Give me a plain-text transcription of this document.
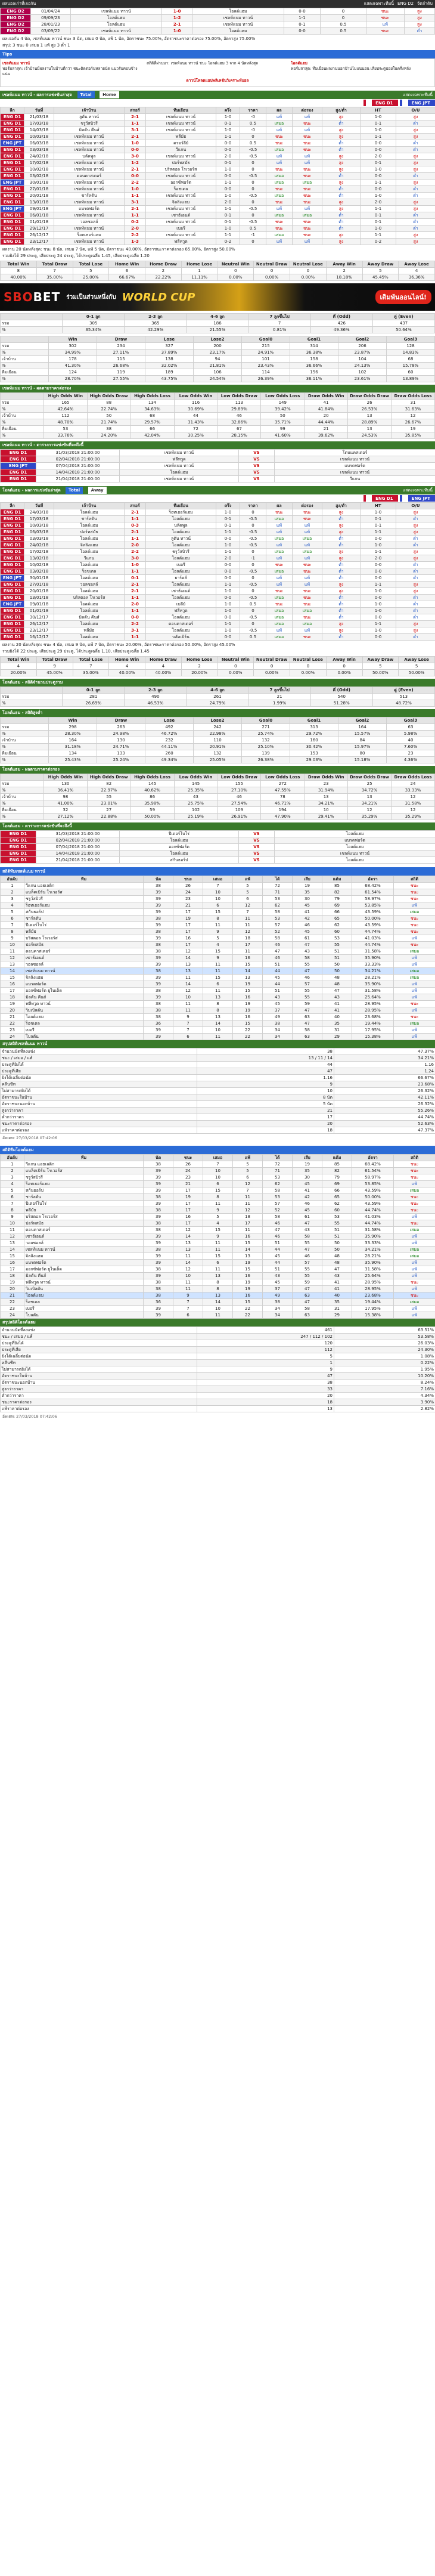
ผลบอลเก่าที่เจอกัน	แสดงเฉพาะทีมนี้ ENG D2 จัดลำดับ
ENG D2	01/04/24	เชลท์แนม ทาวน์	1-0	โอลด์แฮม	0-0	0	ชนะ	สูง
ENG D2	09/09/23	โอลด์แฮม	1-2	เชลท์แนม ทาวน์	1-1	0	ชนะ	สูง
ENG D2	28/01/23	โอลด์แฮม	2-1	เชลท์แนม ทาวน์	0-1	0.5	แพ้	สูง
ENG D2	03/09/22	เชลท์แนม ทาวน์	1-0	โอลด์แฮม	0-0	0.5	ชนะ	ต่ำ
ผลเจอกัน 4 นัด, เชลท์แนม ทาวน์ ชนะ 3 นัด, เสมอ 0 นัด, แพ้ 1 นัด, อัตราชนะ 75.00%, อัตราชนะราคาต่อรอง 75.00%, อัตราสูง 75.00%
สรุป: 3 ชนะ 0 เสมอ 1 แพ้ สูง 3 ต่ำ 1
Tips
เชลท์แนม ทาวน์
ฟอร์มล่าสุด: เจ้าบ้านมีผลงานในบ้านดีกว่า ชนะติดต่อกันหลายนัด แนวรับค่อนข้างแน่น
สถิติที่ผ่านมา: เชลท์แนม ทาวน์ ชนะ โอลด์แฮม 3 จาก 4 นัดหลังสุด	โอลด์แฮม
ฟอร์มล่าสุด: ทีมเยือนผลงานนอกบ้านไม่แน่นอน เสียประตูบ่อยในครึ่งหลัง
ดาวน์โหลดแอปพลิเคชันวิเคราะห์บอล
เชลท์แนม ทาวน์ - ผลการแข่งขันล่าสุด Total	Home	แสดงเฉพาะทีมนี้
ENG D1	ENG JPT
ลีก	วันที่	เจ้าบ้าน	สกอร์	ทีมเยือน	ครึ่ง	ราคา	ผล	ต่อรอง	สูง/ต่ำ	HT	O/U
ENG D1	21/03/18	ลูตัน ทาวน์	2-1	เชลท์แนม ทาวน์	1-0	-0	แพ้	แพ้	สูง	1-0	สูง
ENG D1	17/03/18	ชรูว์สบิวรี	1-1	เชลท์แนม ทาวน์	0-1	0.5	เสมอ	ชนะ	ต่ำ	0-1	ต่ำ
ENG D1	14/03/18	มิลตัน คีนส์	3-1	เชลท์แนม ทาวน์	1-0	-0	แพ้	แพ้	สูง	1-0	สูง
ENG D1	10/03/18	เชลท์แนม ทาวน์	2-1	พลีมัธ	1-1	0	ชนะ	ชนะ	สูง	1-1	สูง
ENG JPT	06/03/18	เชลท์แนม ทาวน์	1-0	ครอว์ลีย์	0-0	0.5	ชนะ	ชนะ	ต่ำ	0-0	ต่ำ
ENG D1	03/03/18	เชลท์แนม ทาวน์	0-0	วีแกน	0-0	-0.5	เสมอ	ชนะ	ต่ำ	0-0	ต่ำ
ENG D1	24/02/18	บลัคพูล	3-0	เชลท์แนม ทาวน์	2-0	-0.5	แพ้	แพ้	สูง	2-0	สูง
ENG D1	17/02/18	เชลท์แนม ทาวน์	1-2	ปอร์ทสมัธ	0-1	0	แพ้	แพ้	สูง	0-1	สูง
ENG D1	10/02/18	เชลท์แนม ทาวน์	2-1	บริสตอล โรเวอร์ส	1-0	0	ชนะ	ชนะ	สูง	1-0	สูง
ENG D1	03/02/18	ดอนคาสเตอร์	0-0	เชลท์แนม ทาวน์	0-0	-0.5	เสมอ	ชนะ	ต่ำ	0-0	ต่ำ
ENG JPT	30/01/18	เชลท์แนม ทาวน์	2-2	ออกซ์ฟอร์ด	1-1	0	เสมอ	เสมอ	สูง	1-1	สูง
ENG D1	27/01/18	เชลท์แนม ทาวน์	1-0	ร็อชเดล	0-0	0	ชนะ	ชนะ	ต่ำ	0-0	ต่ำ
ENG D1	20/01/18	ชาร์ลตัน	1-1	เชลท์แนม ทาวน์	1-0	-0.5	เสมอ	ชนะ	ต่ำ	1-0	ต่ำ
ENG D1	13/01/18	เชลท์แนม ทาวน์	3-1	จิลลิงแฮม	2-0	0	ชนะ	ชนะ	สูง	2-0	สูง
ENG JPT	09/01/18	แบรดฟอร์ด	2-1	เชลท์แนม ทาวน์	1-1	-0.5	แพ้	แพ้	สูง	1-1	สูง
ENG D1	06/01/18	เชลท์แนม ทาวน์	1-1	เซาธ์เอนด์	0-1	0	เสมอ	เสมอ	ต่ำ	0-1	ต่ำ
ENG D1	01/01/18	วอลซอลล์	0-2	เชลท์แนม ทาวน์	0-1	-0.5	ชนะ	ชนะ	ต่ำ	0-1	ต่ำ
ENG D1	29/12/17	เชลท์แนม ทาวน์	2-0	เบอรี	1-0	0.5	ชนะ	ชนะ	ต่ำ	1-0	ต่ำ
ENG D1	26/12/17	ร็อทเธอร์แฮม	2-2	เชลท์แนม ทาวน์	1-1	-1	เสมอ	ชนะ	สูง	1-1	สูง
ENG D1	23/12/17	เชลท์แนม ทาวน์	1-3	ฟลีทวูด	0-2	0	แพ้	แพ้	สูง	0-2	สูง
ผลงาน 20 นัดหลังสุด: ชนะ 8 นัด, เสมอ 7 นัด, แพ้ 5 นัด, อัตราชนะ 40.00%, อัตราชนะราคาต่อรอง 65.00%, อัตราสูง 50.00%
รวมยิงได้ 29 ประตู, เสียประตู 24 ประตู, ได้ประตูเฉลี่ย 1.45, เสียประตูเฉลี่ย 1.20
Total Win	Total Draw	Total Lose	Home Win	Home Draw	Home Lose	Neutral Win	Neutral Draw	Neutral Lose	Away Win	Away Draw	Away Lose
8	7	5	6	2	1	0	0	0	2	5	4
40.00%	35.00%	25.00%	66.67%	22.22%	11.11%	0.00%	0.00%	0.00%	18.18%	45.45%	36.36%
SBOBET ร่วมเป็นส่วนหนึ่งกับ WORLD CUP	เดิมพันออนไลน์!
	0-1 ลูก	2-3 ลูก	4-6 ลูก	7 ลูกขึ้นไป	คี่ (Odd)	คู่ (Even)
รวม	305	365	186	7	426	437
%	35.34%	42.29%	21.55%	0.81%	49.36%	50.64%
	Win	Draw	Lose	Lose2	Goal0	Goal1	Goal2	Goal3
รวม	302	234	327	200	215	314	206	128
%	34.99%	27.11%	37.89%	23.17%	24.91%	36.38%	23.87%	14.83%
เจ้าบ้าน	178	115	138	94	101	158	104	68
%	41.30%	26.68%	32.02%	21.81%	23.43%	36.66%	24.13%	15.78%
ทีมเยือน	124	119	189	106	114	156	102	60
%	28.70%	27.55%	43.75%	24.54%	26.39%	36.11%	23.61%	13.89%
เชลท์แนม ทาวน์ - ผลตามราคาต่อรอง
	High Odds Win	High Odds Draw	High Odds Loss	Low Odds Win	Low Odds Draw	Low Odds Loss	Draw Odds Win	Draw Odds Draw	Draw Odds Loss
รวม	165	88	134	116	113	149	41	26	31
%	42.64%	22.74%	34.63%	30.69%	29.89%	39.42%	41.84%	26.53%	31.63%
เจ้าบ้าน	112	50	68	44	46	50	20	13	12
%	48.70%	21.74%	29.57%	31.43%	32.86%	35.71%	44.44%	28.89%	26.67%
ทีมเยือน	53	38	66	72	67	99	21	13	19
%	33.76%	24.20%	42.04%	30.25%	28.15%	41.60%	39.62%	24.53%	35.85%
เชลท์แนม ทาวน์ - ตารางการแข่งขันที่จะถึงนี้
ENG D1	31/03/2018 21:00:00	เชลท์แนม ทาวน์	VS	โดนแคสเตอร์
ENG D1	02/04/2018 21:00:00	ฟลีทวูด	VS	เชลท์แนม ทาวน์
ENG JPT	07/04/2018 21:00:00	เชลท์แนม ทาวน์	VS	แบรดฟอร์ด
ENG D1	14/04/2018 21:00:00	โอลด์แฮม	VS	เชลท์แนม ทาวน์
ENG D1	21/04/2018 21:00:00	เชลท์แนม ทาวน์	VS	วีแกน
โอลด์แฮม - ผลการแข่งขันล่าสุด Total	Away	แสดงเฉพาะทีมนี้
ENG D1	ENG JPT
ลีก	วันที่	เจ้าบ้าน	สกอร์	ทีมเยือน	ครึ่ง	ราคา	ผล	ต่อรอง	สูง/ต่ำ	HT	O/U
ENG D1	24/03/18	โอลด์แฮม	2-1	ร็อทเธอร์แฮม	1-0	0	ชนะ	ชนะ	สูง	1-0	สูง
ENG D1	17/03/18	ชาร์ลตัน	1-1	โอลด์แฮม	0-1	-0.5	เสมอ	ชนะ	ต่ำ	0-1	ต่ำ
ENG D1	10/03/18	โอลด์แฮม	0-3	บลัคพูล	0-1	0	แพ้	แพ้	สูง	0-1	สูง
ENG D1	06/03/18	ปอร์ทสมัธ	2-1	โอลด์แฮม	1-1	-0.5	แพ้	แพ้	สูง	1-1	สูง
ENG D1	03/03/18	โอลด์แฮม	1-1	ลูตัน ทาวน์	0-0	-0.5	เสมอ	เสมอ	ต่ำ	0-0	ต่ำ
ENG D1	24/02/18	จิลลิงแฮม	2-0	โอลด์แฮม	1-0	-0.5	แพ้	แพ้	ต่ำ	1-0	ต่ำ
ENG D1	17/02/18	โอลด์แฮม	2-2	ชรูว์สบิวรี	1-1	0	เสมอ	เสมอ	สูง	1-1	สูง
ENG D1	13/02/18	วีแกน	3-0	โอลด์แฮม	2-0	-1	แพ้	แพ้	สูง	2-0	สูง
ENG D1	10/02/18	โอลด์แฮม	1-0	เบอรี	0-0	0	ชนะ	ชนะ	ต่ำ	0-0	ต่ำ
ENG D1	03/02/18	ร็อชเดล	1-1	โอลด์แฮม	0-0	-0.5	เสมอ	ชนะ	ต่ำ	0-0	ต่ำ
ENG JPT	30/01/18	โอลด์แฮม	0-1	ยาร์ดส์	0-0	0	แพ้	แพ้	ต่ำ	0-0	ต่ำ
ENG D1	27/01/18	วอลซอลล์	2-1	โอลด์แฮม	1-1	-0.5	แพ้	แพ้	สูง	1-1	สูง
ENG D1	20/01/18	โอลด์แฮม	2-1	เซาธ์เอนด์	1-0	0	ชนะ	ชนะ	สูง	1-0	สูง
ENG D1	13/01/18	บริสตอล โรเวอร์ส	1-1	โอลด์แฮม	0-0	-0.5	เสมอ	ชนะ	ต่ำ	0-0	ต่ำ
ENG JPT	09/01/18	โอลด์แฮม	2-0	เบลีย์	1-0	0.5	ชนะ	ชนะ	ต่ำ	1-0	ต่ำ
ENG D1	01/01/18	โอลด์แฮม	1-1	ฟลีทวูด	1-0	0	เสมอ	เสมอ	ต่ำ	1-0	ต่ำ
ENG D1	30/12/17	มิลตัน คีนส์	0-0	โอลด์แฮม	0-0	-0.5	เสมอ	ชนะ	ต่ำ	0-0	ต่ำ
ENG D1	26/12/17	โอลด์แฮม	2-2	ดอนคาสเตอร์	1-1	0	เสมอ	เสมอ	สูง	1-1	สูง
ENG D1	23/12/17	พลีมัธ	3-1	โอลด์แฮม	1-0	-0.5	แพ้	แพ้	สูง	1-0	สูง
ENG D1	16/12/17	โอลด์แฮม	1-1	บลัคเบิร์น	0-0	0.5	เสมอ	ชนะ	ต่ำ	0-0	ต่ำ
ผลงาน 20 นัดหลังสุด: ชนะ 4 นัด, เสมอ 9 นัด, แพ้ 7 นัด, อัตราชนะ 20.00%, อัตราชนะราคาต่อรอง 50.00%, อัตราสูง 45.00%
รวมยิงได้ 22 ประตู, เสียประตู 29 ประตู, ได้ประตูเฉลี่ย 1.10, เสียประตูเฉลี่ย 1.45
Total Win	Total Draw	Total Lose	Home Win	Home Draw	Home Lose	Neutral Win	Neutral Draw	Neutral Lose	Away Win	Away Draw	Away Lose
4	9	7	4	4	2	0	0	0	0	5	5
20.00%	45.00%	35.00%	40.00%	40.00%	20.00%	0.00%	0.00%	0.00%	0.00%	50.00%	50.00%
โอลด์แฮม - สถิติจำนวนประตูรวม
	0-1 ลูก	2-3 ลูก	4-6 ลูก	7 ลูกขึ้นไป	คี่ (Odd)	คู่ (Even)
รวม	281	490	261	21	540	513
%	26.69%	46.53%	24.79%	1.99%	51.28%	48.72%
โอลด์แฮม - สถิติสูงต่ำ
	Win	Draw	Lose	Lose2	Goal0	Goal1	Goal2	Goal3
รวม	298	263	492	242	271	313	164	63
%	28.30%	24.98%	46.72%	22.98%	25.74%	29.72%	15.57%	5.98%
เจ้าบ้าน	164	130	232	110	132	160	84	40
%	31.18%	24.71%	44.11%	20.91%	25.10%	30.42%	15.97%	7.60%
ทีมเยือน	134	133	260	132	139	153	80	23
%	25.43%	25.24%	49.34%	25.05%	26.38%	29.03%	15.18%	4.36%
โอลด์แฮม - ผลตามราคาต่อรอง
	High Odds Win	High Odds Draw	High Odds Loss	Low Odds Win	Low Odds Draw	Low Odds Loss	Draw Odds Win	Draw Odds Draw	Draw Odds Loss
รวม	130	82	145	145	155	272	23	25	24
%	36.41%	22.97%	40.62%	25.35%	27.10%	47.55%	31.94%	34.72%	33.33%
เจ้าบ้าน	98	55	86	43	46	78	13	13	12
%	41.00%	23.01%	35.98%	25.75%	27.54%	46.71%	34.21%	34.21%	31.58%
ทีมเยือน	32	27	59	102	109	194	10	12	12
%	27.12%	22.88%	50.00%	25.19%	26.91%	47.90%	29.41%	35.29%	35.29%
โอลด์แฮม - ตารางการแข่งขันที่จะถึงนี้
ENG D1	31/03/2018 21:00:00	ปีเตอร์โบโร่	VS	โอลด์แฮม
ENG D1	02/04/2018 21:00:00	โอลด์แฮม	VS	แบรดฟอร์ด
ENG D1	07/04/2018 21:00:00	ออกซ์ฟอร์ด	VS	โอลด์แฮม
ENG D1	14/04/2018 21:00:00	โอลด์แฮม	VS	เชลท์แนม ทาวน์
ENG D1	21/04/2018 21:00:00	สกันธอร์ป	VS	โอลด์แฮม
สถิติทีมเชลท์แนม ทาวน์
อันดับ	ทีม	นัด	ชนะ	เสมอ	แพ้	ได้	เสีย	แต้ม	อัตรา	สถิติ
1	วีแกน แอธเลติก	38	26	7	5	72	19	85	68.42%	ชนะ
2	แบล็คเบิร์น โรเวอร์ส	39	24	10	5	71	35	82	61.54%	ชนะ
3	ชรูว์สบิวรี	39	23	10	6	53	30	79	58.97%	ชนะ
4	ร็อทเธอร์แฮม	39	21	6	12	62	45	69	53.85%	แพ้
5	สกันธอร์ป	39	17	15	7	58	41	66	43.59%	เสมอ
6	ชาร์ลตัน	38	19	8	11	53	42	65	50.00%	ชนะ
7	ปีเตอร์โบโร่	39	17	11	11	57	46	62	43.59%	ชนะ
8	พลีมัธ	38	17	9	12	52	45	60	44.74%	ชนะ
9	บริสตอล โรเวอร์ส	39	16	5	18	58	61	53	41.03%	แพ้
10	ปอร์ทสมัธ	38	17	4	17	46	47	55	44.74%	ชนะ
11	ดอนคาสเตอร์	38	12	15	11	47	43	51	31.58%	เสมอ
12	เซาธ์เอนด์	39	14	9	16	46	58	51	35.90%	แพ้
13	วอลซอลล์	39	13	11	15	51	55	50	33.33%	แพ้
14	เชลท์แนม ทาวน์	38	13	11	14	44	47	50	34.21%	เสมอ
15	จิลลิงแฮม	39	11	15	13	45	46	48	28.21%	เสมอ
16	แบรดฟอร์ด	39	14	6	19	44	57	48	35.90%	แพ้
17	ออกซ์ฟอร์ด ยูไนเต็ด	38	12	11	15	51	55	47	31.58%	แพ้
18	มิลตัน คีนส์	39	10	13	16	43	55	43	25.64%	แพ้
19	ฟลีทวูด ทาวน์	38	11	8	19	45	59	41	28.95%	ชนะ
20	วิมเบิลดัน	38	11	8	19	37	47	41	28.95%	แพ้
21	โอลด์แฮม	38	9	13	16	49	63	40	23.68%	ชนะ
22	ร็อชเดล	36	7	14	15	38	47	35	19.44%	เสมอ
23	เบอรี	39	7	10	22	34	58	31	17.95%	แพ้
24	โบลตัน	39	6	11	22	34	63	29	15.38%	แพ้
สรุปสถิติเชลท์แนม ทาวน์
จำนวนนัดที่ลงแข่ง	38	47.37%
ชนะ / เสมอ / แพ้	13 / 11 / 14	34.21%
ประตูที่ยิงได้	44	1.16
ประตูที่เสีย	47	1.24
ยิงได้เฉลี่ยต่อนัด	1.16	66.67%
คลีนชีท	9	23.68%
ไม่สามารถยิงได้	10	26.32%
อัตราชนะในบ้าน	8 นัด	42.11%
อัตราชนะนอกบ้าน	5 นัด	26.32%
สูงกว่าราคา	21	55.26%
ต่ำกว่าราคา	17	44.74%
ชนะราคาต่อรอง	20	52.63%
แพ้ราคาต่อรอง	18	47.37%
อัพเดท: 27/03/2018 07:42:06
สถิติทีมโอลด์แฮม
อันดับ	ทีม	นัด	ชนะ	เสมอ	แพ้	ได้	เสีย	แต้ม	อัตรา	สถิติ
1	วีแกน แอธเลติก	38	26	7	5	72	19	85	68.42%	ชนะ
2	แบล็คเบิร์น โรเวอร์ส	39	24	10	5	71	35	82	61.54%	ชนะ
3	ชรูว์สบิวรี	39	23	10	6	53	30	79	58.97%	ชนะ
4	ร็อทเธอร์แฮม	39	21	6	12	62	45	69	53.85%	แพ้
5	สกันธอร์ป	39	17	15	7	58	41	66	43.59%	เสมอ
6	ชาร์ลตัน	38	19	8	11	53	42	65	50.00%	ชนะ
7	ปีเตอร์โบโร่	39	17	11	11	57	46	62	43.59%	ชนะ
8	พลีมัธ	38	17	9	12	52	45	60	44.74%	ชนะ
9	บริสตอล โรเวอร์ส	39	16	5	18	58	61	53	41.03%	แพ้
10	ปอร์ทสมัธ	38	17	4	17	46	47	55	44.74%	ชนะ
11	ดอนคาสเตอร์	38	12	15	11	47	43	51	31.58%	เสมอ
12	เซาธ์เอนด์	39	14	9	16	46	58	51	35.90%	แพ้
13	วอลซอลล์	39	13	11	15	51	55	50	33.33%	แพ้
14	เชลท์แนม ทาวน์	38	13	11	14	44	47	50	34.21%	เสมอ
15	จิลลิงแฮม	39	11	15	13	45	46	48	28.21%	เสมอ
16	แบรดฟอร์ด	39	14	6	19	44	57	48	35.90%	แพ้
17	ออกซ์ฟอร์ด ยูไนเต็ด	38	12	11	15	51	55	47	31.58%	แพ้
18	มิลตัน คีนส์	39	10	13	16	43	55	43	25.64%	แพ้
19	ฟลีทวูด ทาวน์	38	11	8	19	45	59	41	28.95%	ชนะ
20	วิมเบิลดัน	38	11	8	19	37	47	41	28.95%	แพ้
21	โอลด์แฮม	38	9	13	16	49	63	40	23.68%	ชนะ
22	ร็อชเดล	36	7	14	15	38	47	35	19.44%	เสมอ
23	เบอรี	39	7	10	22	34	58	31	17.95%	แพ้
24	โบลตัน	39	6	11	22	34	63	29	15.38%	แพ้
สรุปสถิติโอลด์แฮม
จำนวนนัดที่ลงแข่ง	461	63.51%
ชนะ / เสมอ / แพ้	247 / 112 / 102	53.58%
ประตูที่ยิงได้	120	26.03%
ประตูที่เสีย	112	24.30%
ยิงได้เฉลี่ยต่อนัด	5	1.08%
คลีนชีท	1	0.22%
ไม่สามารถยิงได้	9	1.95%
อัตราชนะในบ้าน	47	10.20%
อัตราชนะนอกบ้าน	38	8.24%
สูงกว่าราคา	33	7.16%
ต่ำกว่าราคา	20	4.34%
ชนะราคาต่อรอง	18	3.90%
แพ้ราคาต่อรอง	13	2.82%
อัพเดท: 27/03/2018 07:42:06
